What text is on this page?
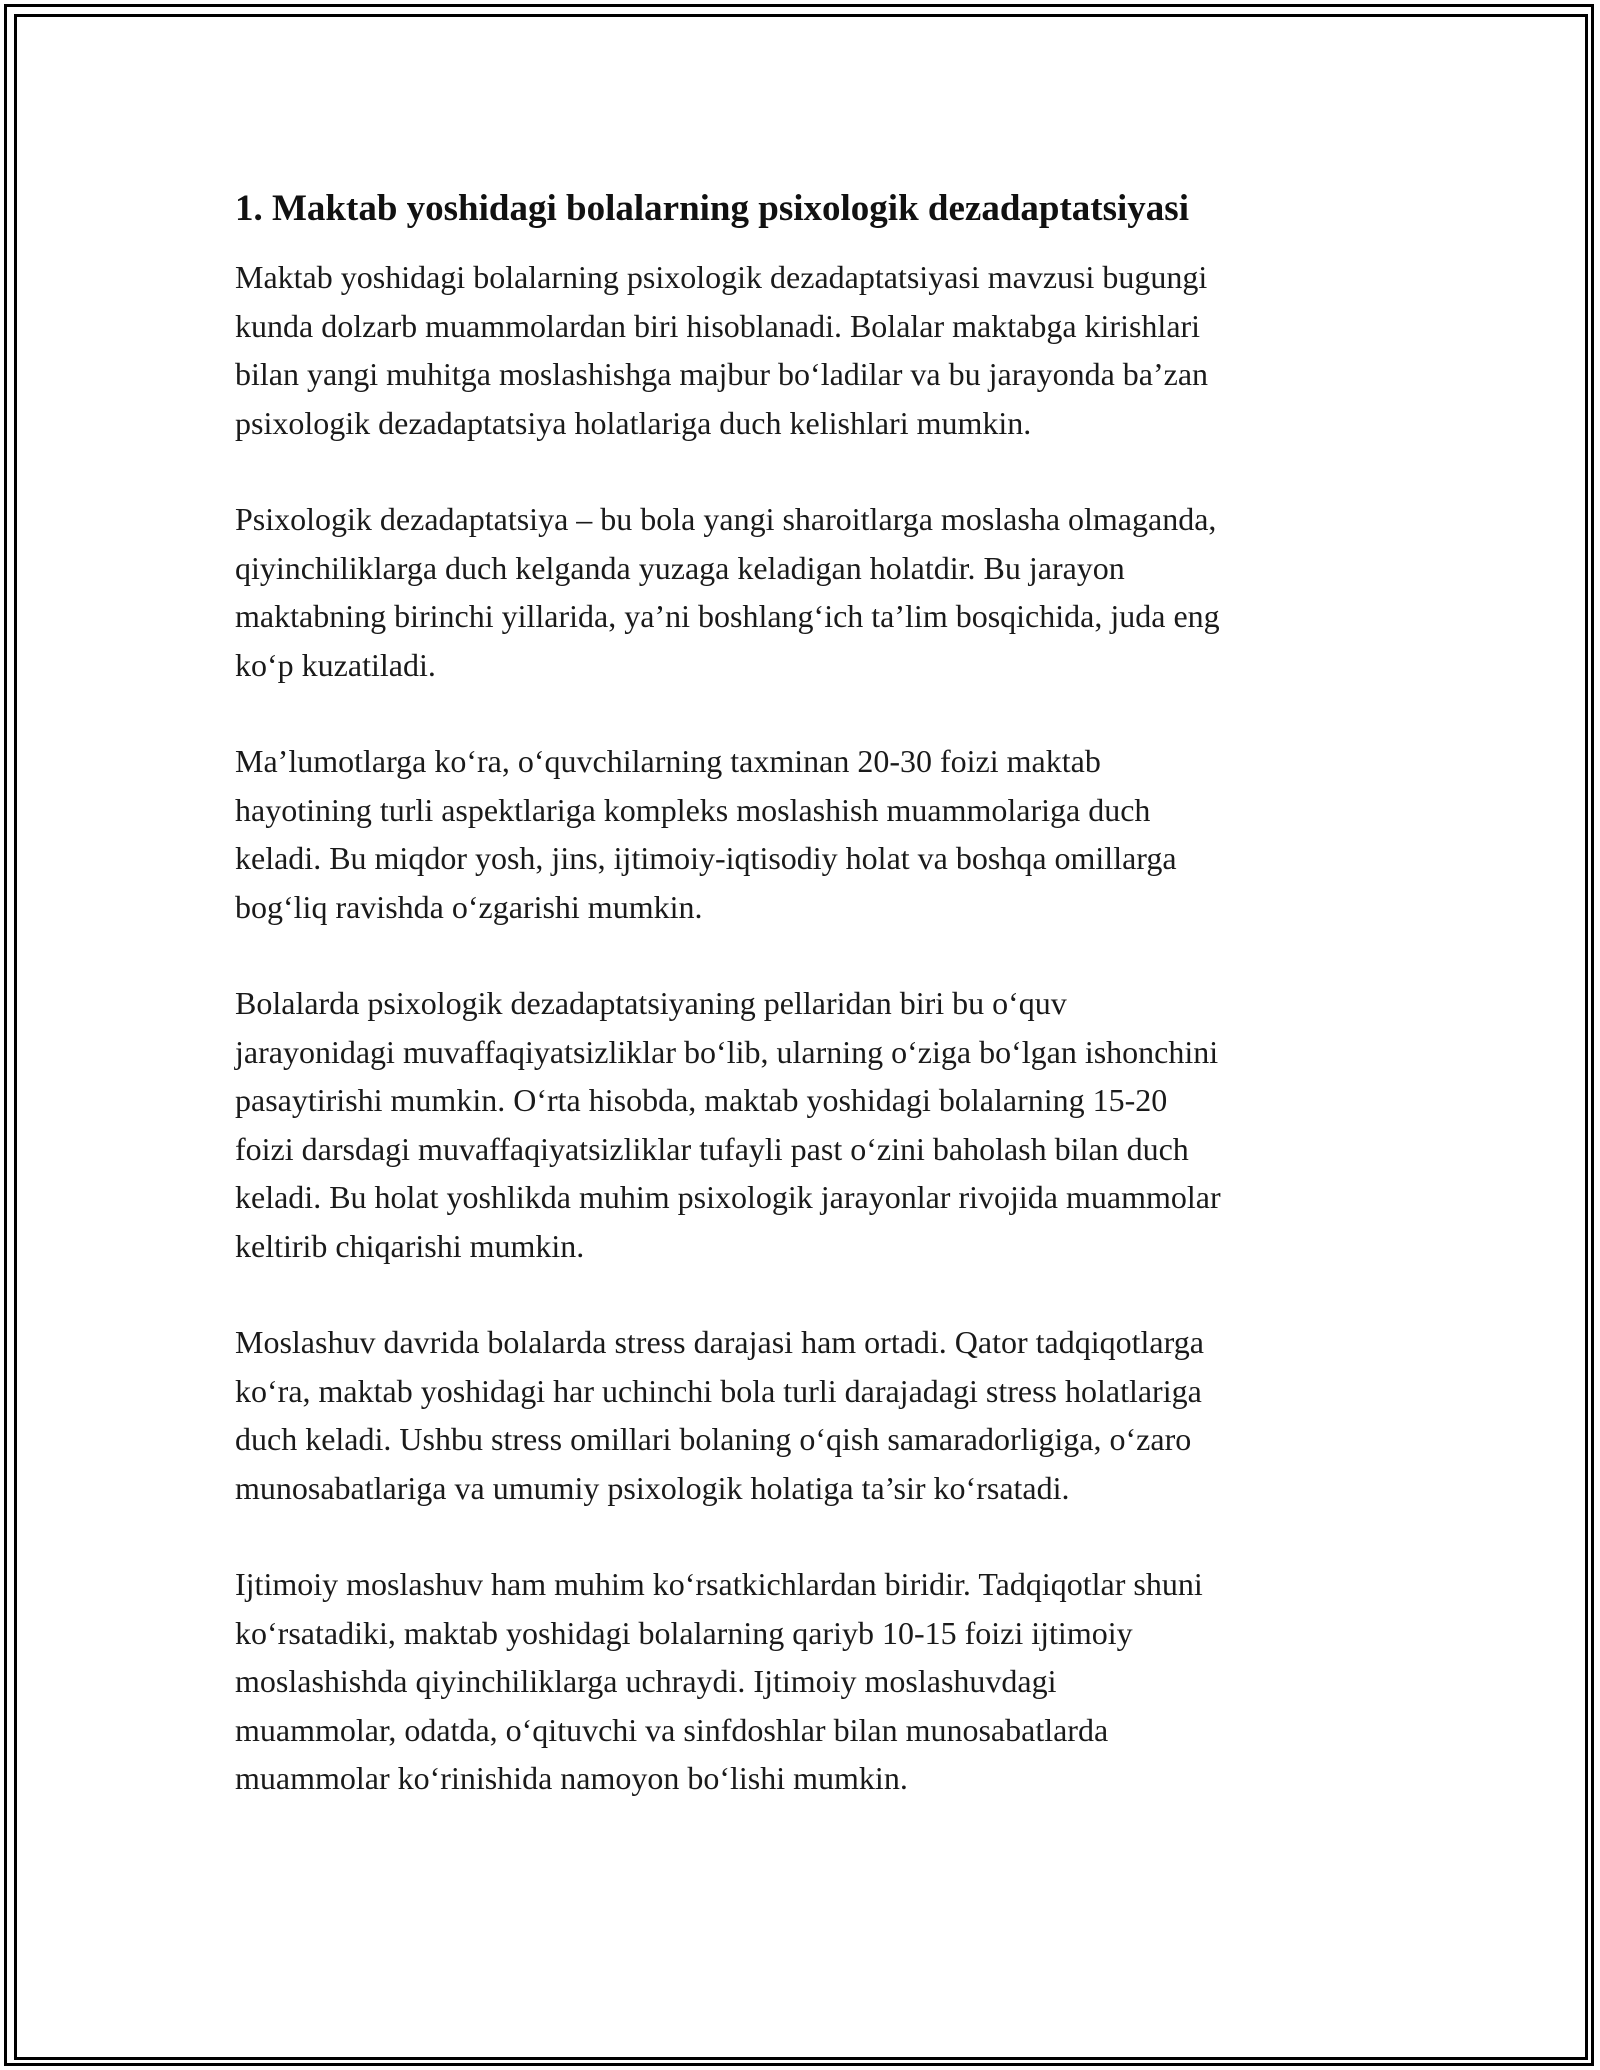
1. Maktab yoshidagi bolalarning psixologik dezadaptatsiyasi
Maktab yoshidagi bolalarning psixologik dezadaptatsiyasi mavzusi bugungi
kunda dolzarb muammolardan biri hisoblanadi. Bolalar maktabga kirishlari
bilan yangi muhitga moslashishga majbur bo‘ladilar va bu jarayonda ba’zan
psixologik dezadaptatsiya holatlariga duch kelishlari mumkin.
Psixologik dezadaptatsiya – bu bola yangi sharoitlarga moslasha olmaganda,
qiyinchiliklarga duch kelganda yuzaga keladigan holatdir. Bu jarayon
maktabning birinchi yillarida, ya’ni boshlang‘ich ta’lim bosqichida, juda eng
ko‘p kuzatiladi.
Ma’lumotlarga ko‘ra, o‘quvchilarning taxminan 20-30 foizi maktab
hayotining turli aspektlariga kompleks moslashish muammolariga duch
keladi. Bu miqdor yosh, jins, ijtimoiy-iqtisodiy holat va boshqa omillarga
bog‘liq ravishda o‘zgarishi mumkin.
Bolalarda psixologik dezadaptatsiyaning pellaridan biri bu o‘quv
jarayonidagi muvaffaqiyatsizliklar bo‘lib, ularning o‘ziga bo‘lgan ishonchini
pasaytirishi mumkin. O‘rta hisobda, maktab yoshidagi bolalarning 15-20
foizi darsdagi muvaffaqiyatsizliklar tufayli past o‘zini baholash bilan duch
keladi. Bu holat yoshlikda muhim psixologik jarayonlar rivojida muammolar
keltirib chiqarishi mumkin.
Moslashuv davrida bolalarda stress darajasi ham ortadi. Qator tadqiqotlarga
ko‘ra, maktab yoshidagi har uchinchi bola turli darajadagi stress holatlariga
duch keladi. Ushbu stress omillari bolaning o‘qish samaradorligiga, o‘zaro
munosabatlariga va umumiy psixologik holatiga ta’sir ko‘rsatadi.
Ijtimoiy moslashuv ham muhim ko‘rsatkichlardan biridir. Tadqiqotlar shuni
ko‘rsatadiki, maktab yoshidagi bolalarning qariyb 10-15 foizi ijtimoiy
moslashishda qiyinchiliklarga uchraydi. Ijtimoiy moslashuvdagi
muammolar, odatda, o‘qituvchi va sinfdoshlar bilan munosabatlarda
muammolar ko‘rinishida namoyon bo‘lishi mumkin.
